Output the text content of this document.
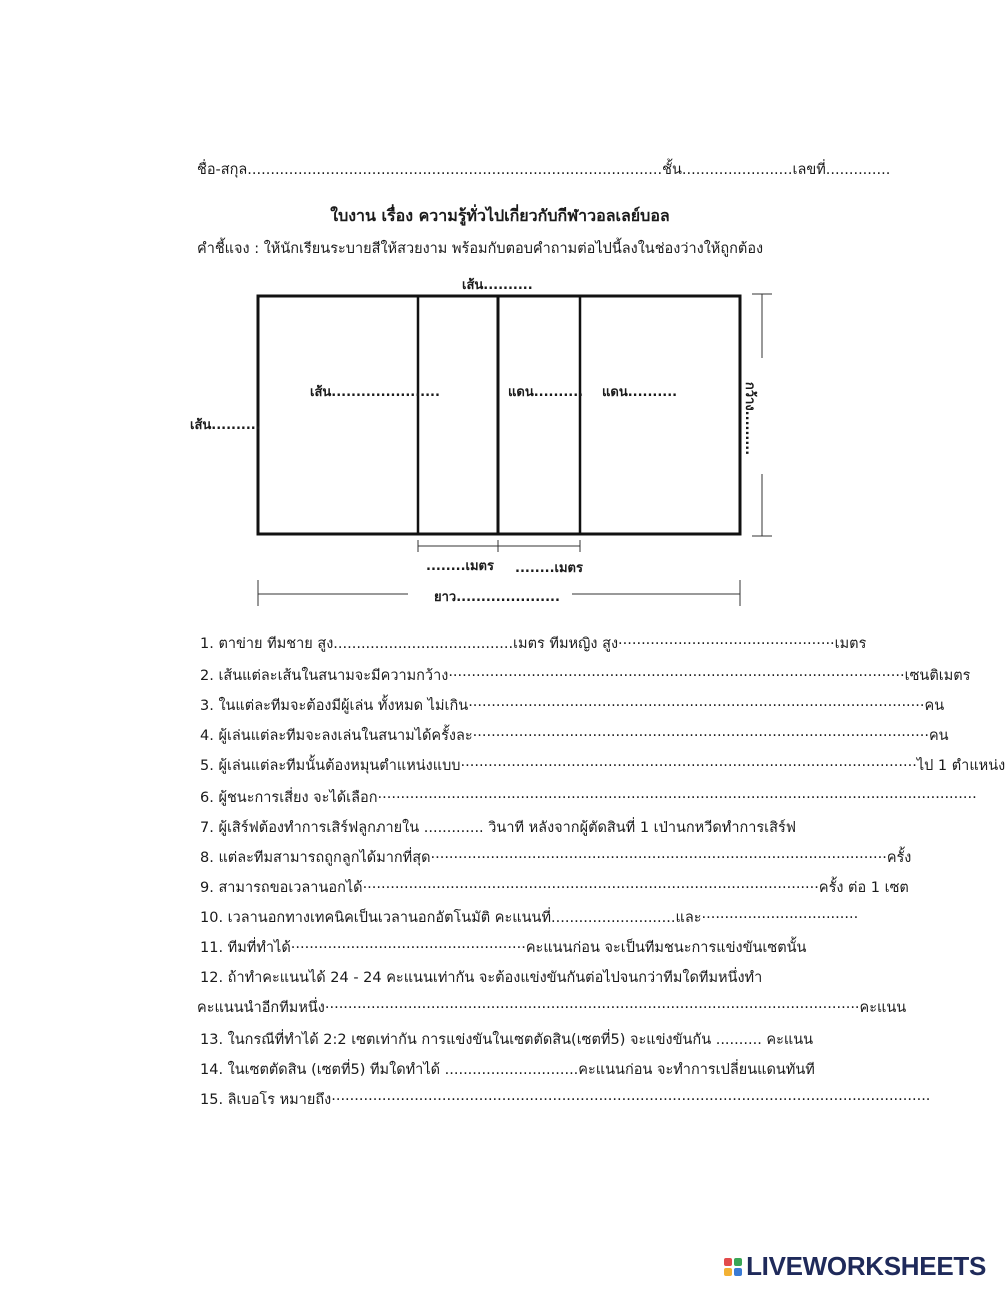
ชื่อ-สกุล..........................................................................................ชั้น........................เลขที่..............
ใบงาน เรื่อง ความรู้ทั่วไปเกี่ยวกับกีฬาวอลเลย์บอล
คำชี้แจง : ให้นักเรียนระบายสีให้สวยงาม พร้อมกับตอบคำถามต่อไปนี้ลงในช่องว่างให้ถูกต้อง
เส้น..........
เส้น..........
เส้น......................	แดน.......... แดน..........	กว้าง.........
........เมตร ........เมตร
ยาว.....................
1. ตาข่าย ทีมชาย สูง.......................................เมตร ทีมหญิง สูง ............................................... เมตร
2. เส้นแต่ละเส้นในสนามจะมีความกว้าง ................................................................................................... เซนติเมตร
3. ในแต่ละทีมจะต้องมีผู้เล่น ทั้งหมด ไม่เกิน ................................................................................................... คน
4. ผู้เล่นแต่ละทีมจะลงเล่นในสนามได้ครั้งละ ................................................................................................... คน
5. ผู้เล่นแต่ละทีมนั้นต้องหมุนตำแหน่งแบบ ................................................................................................... ไป 1 ตำแหน่ง
6. ผู้ชนะการเสี่ยง จะได้เลือก ..................................................................................................................................
7. ผู้เสิร์ฟต้องทำการเสิร์ฟลูกภายใน ............. วินาที หลังจากผู้ตัดสินที่ 1 เป่านกหวีดทำการเสิร์ฟ
8. แต่ละทีมสามารถถูกลูกได้มากที่สุด ................................................................................................... ครั้ง
9. สามารถขอเวลานอกได้ ................................................................................................... ครั้ง ต่อ 1 เซต
10. เวลานอกทางเทคนิคเป็นเวลานอกอัตโนมัติ คะแนนที่...........................และ ..................................
11. ทีมที่ทำได้ ................................................... คะแนนก่อน จะเป็นทีมชนะการแข่งขันเซตนั้น
12. ถ้าทำคะแนนได้ 24 - 24 คะแนนเท่ากัน จะต้องแข่งขันกันต่อไปจนกว่าทีมใดทีมหนึ่งทำ
คะแนนนำอีกทีมหนึ่ง .................................................................................................................... คะแนน
13. ในกรณีที่ทำได้ 2:2 เซตเท่ากัน การแข่งขันในเซตตัดสิน(เซตที่5) จะแข่งขันกัน .......... คะแนน
14. ในเซตตัดสิน (เซตที่5) ทีมใดทำได้ ............................. คะแนนก่อน จะทำการเปลี่ยนแดนทันที
15. ลิเบอโร หมายถึง ..................................................................................................................................
LIVEWORKSHEETS
